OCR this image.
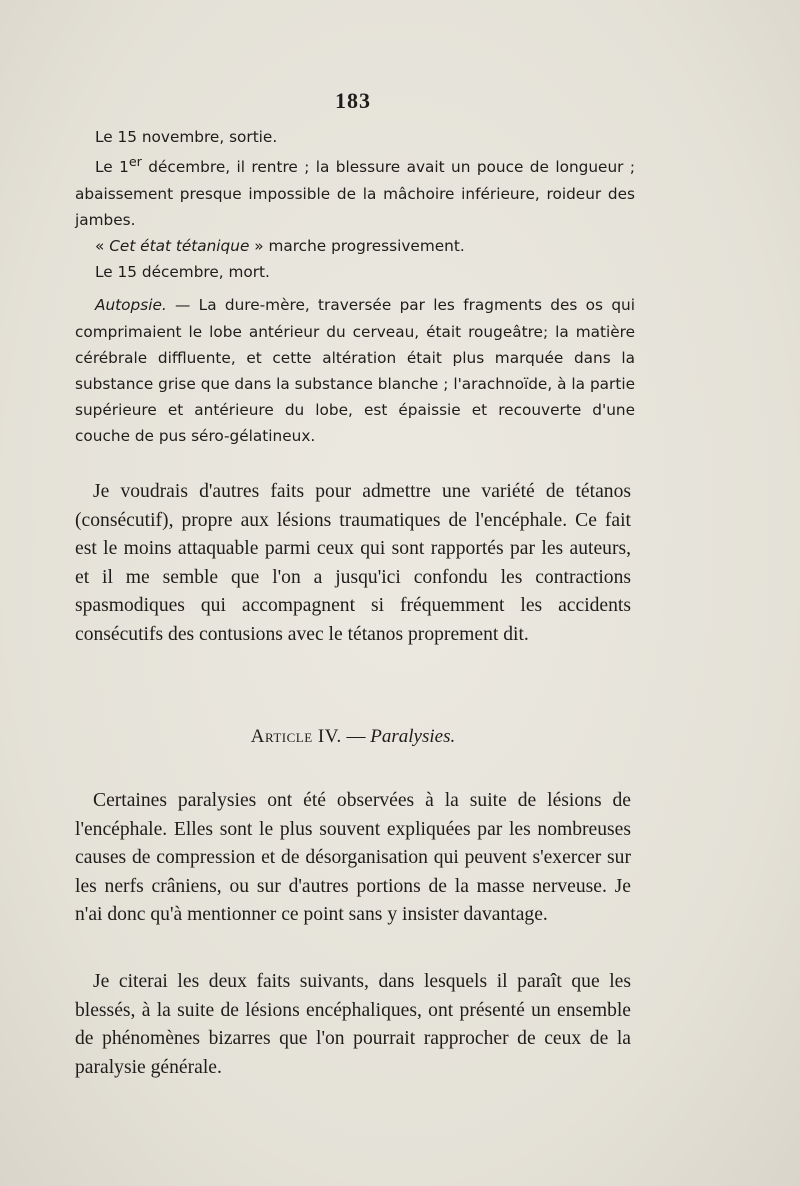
183

Le 15 novembre, sortie.

Le 1er décembre, il rentre ; la blessure avait un pouce de longueur ; abaissement presque impossible de la mâchoire inférieure, roideur des jambes.

« Cet état tétanique » marche progressivement.

Le 15 décembre, mort.

Autopsie. — La dure-mère, traversée par les fragments des os qui comprimaient le lobe antérieur du cerveau, était rougeâtre; la matière cérébrale diffluente, et cette altération était plus marquée dans la substance grise que dans la substance blanche ; l'arachnoïde, à la partie supérieure et antérieure du lobe, est épaissie et recouverte d'une couche de pus séro-gélatineux.

Je voudrais d'autres faits pour admettre une variété de tétanos (consécutif), propre aux lésions traumatiques de l'encéphale. Ce fait est le moins attaquable parmi ceux qui sont rapportés par les auteurs, et il me semble que l'on a jusqu'ici confondu les contractions spasmodiques qui accompagnent si fréquemment les accidents consécutifs des contusions avec le tétanos proprement dit.

Article IV. — Paralysies.

Certaines paralysies ont été observées à la suite de lésions de l'encéphale. Elles sont le plus souvent expliquées par les nombreuses causes de compression et de désorganisation qui peuvent s'exercer sur les nerfs crâniens, ou sur d'autres portions de la masse nerveuse. Je n'ai donc qu'à mentionner ce point sans y insister davantage.

Je citerai les deux faits suivants, dans lesquels il paraît que les blessés, à la suite de lésions encéphaliques, ont présenté un ensemble de phénomènes bizarres que l'on pourrait rapprocher de ceux de la paralysie générale.
